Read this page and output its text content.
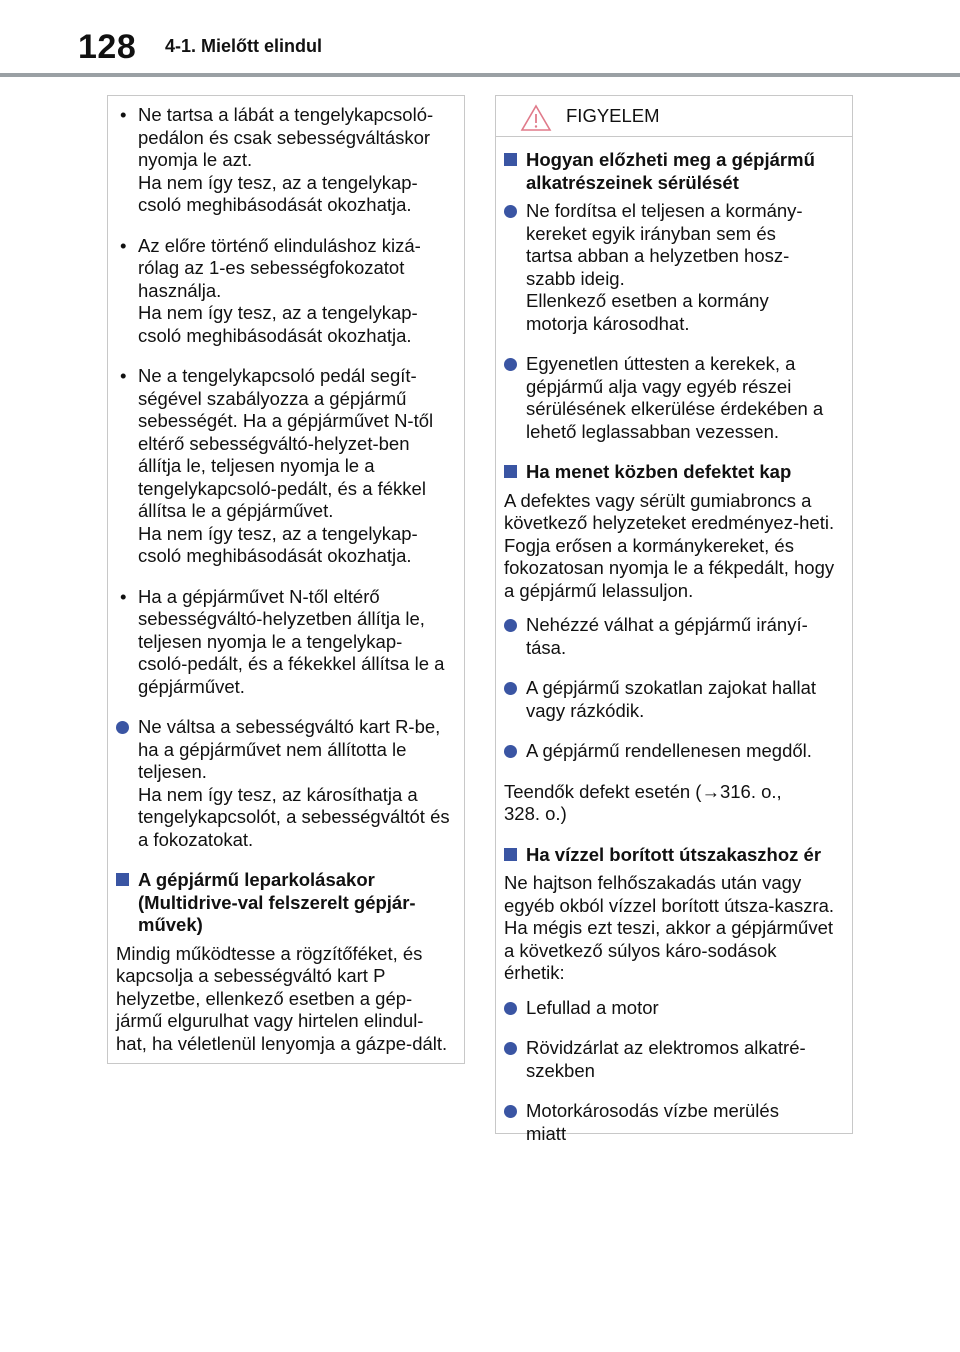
128 4-1. Mielőtt elindul
• Ne tartsa a lábát a tengelykapcsoló-pedálon és csak sebességváltáskor nyomja le azt.
Ha nem így tesz, az a tengelykap-csoló meghibásodását okozhatja.
• Az előre történő elinduláshoz kizá-rólag az 1-es sebességfokozatot használja.
Ha nem így tesz, az a tengelykap-csoló meghibásodását okozhatja.
• Ne a tengelykapcsoló pedál segít-ségével szabályozza a gépjármű sebességét. Ha a gépjárművet N-től eltérő sebességváltó-helyzet-ben állítja le, teljesen nyomja le a tengelykapcsoló-pedált, és a fékkel állítsa le a gépjárművet.
Ha nem így tesz, az a tengelykap-csoló meghibásodását okozhatja.
• Ha a gépjárművet N-től eltérő sebességváltó-helyzetben állítja le, teljesen nyomja le a tengelykap-csoló-pedált, és a fékekkel állítsa le a gépjárművet.
Ne váltsa a sebességváltó kart R-be, ha a gépjárművet nem állította le teljesen.
Ha nem így tesz, az károsíthatja a tengelykapcsolót, a sebességváltót és a fokozatokat.
A gépjármű leparkolásakor (Multidrive-val felszerelt gépjár-művek)

Mindig működtesse a rögzítőféket, és kapcsolja a sebességváltó kart P helyzetbe, ellenkező esetben a gép-jármű elgurulhat vagy hirtelen elindul-hat, ha véletlenül lenyomja a gázpe-dált.

FIGYELEM
Hogyan előzheti meg a gépjármű alkatrészeinek sérülését
Ne fordítsa el teljesen a kormány-kereket egyik irányban sem és tartsa abban a helyzetben hosz-szabb ideig.
Ellenkező esetben a kormány motorja károsodhat.
Egyenetlen úttesten a kerekek, a gépjármű alja vagy egyéb részei sérülésének elkerülése érdekében a lehető leglassabban vezessen.
Ha menet közben defektet kap

A defektes vagy sérült gumiabroncs a következő helyzeteket eredményez-heti. Fogja erősen a kormánykereket, és fokozatosan nyomja le a fékpedált, hogy a gépjármű lelassuljon.

Nehézzé válhat a gépjármű irányí-tása.
A gépjármű szokatlan zajokat hallat vagy rázkódik.
A gépjármű rendellenesen megdől.

Teendők defekt esetén (→316. o., 328. o.)

Ha vízzel borított útszakaszhoz ér

Ne hajtson felhőszakadás után vagy egyéb okból vízzel borított útsza-kaszra. Ha mégis ezt teszi, akkor a gépjárművet a következő súlyos káro-sodások érhetik:

Lefullad a motor
Rövidzárlat az elektromos alkatré-szekben
Motorkárosodás vízbe merülés miatt
